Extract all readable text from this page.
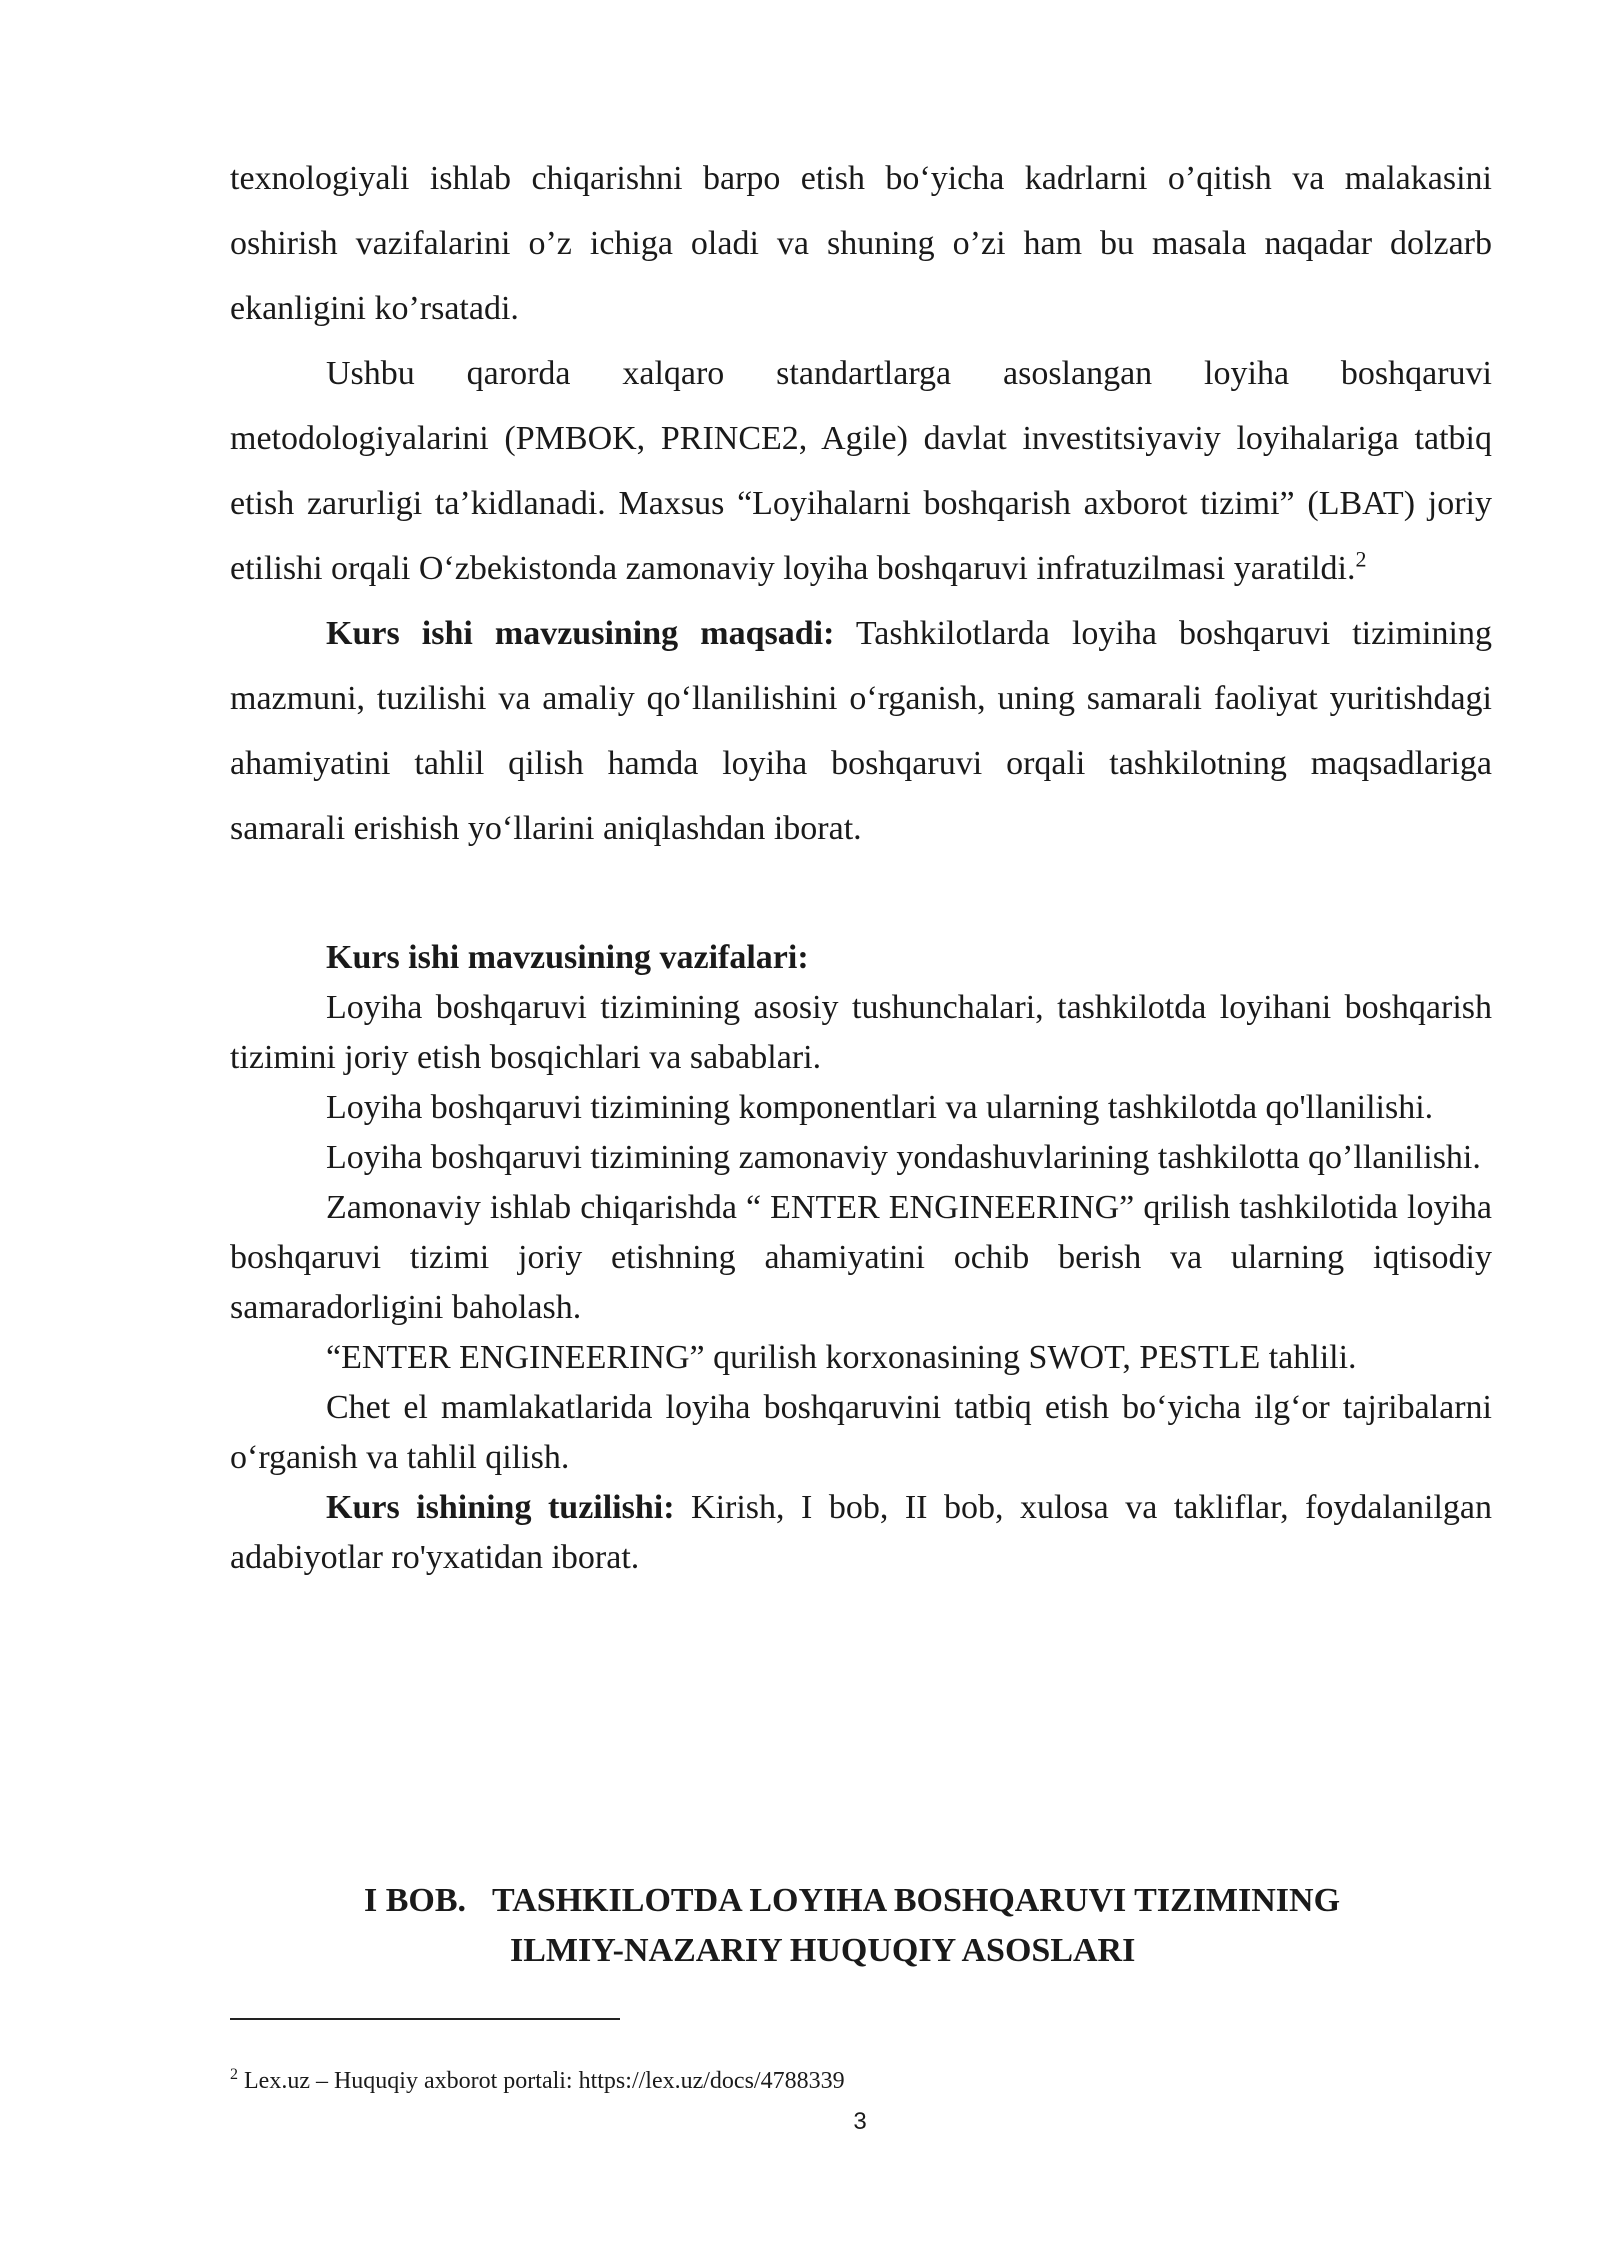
texnologiyali ishlab chiqarishni barpo etish bo‘yicha kadrlarni o’qitish va malakasini oshirish vazifalarini o’z ichiga oladi va shuning o’zi ham bu masala naqadar dolzarb ekanligini ko’rsatadi.

Ushbu qarorda xalqaro standartlarga asoslangan loyiha boshqaruvi metodologiyalarini (PMBOK, PRINCE2, Agile) davlat investitsiyaviy loyihalariga tatbiq etish zarurligi ta’kidlanadi. Maxsus “Loyihalarni boshqarish axborot tizimi” (LBAT) joriy etilishi orqali O‘zbekistonda zamonaviy loyiha boshqaruvi infratuzilmasi yaratildi.$^2$

Kurs ishi mavzusining maqsadi: Tashkilotlarda loyiha boshqaruvi tizimining mazmuni, tuzilishi va amaliy qo‘llanilishini o‘rganish, uning samarali faoliyat yuritishdagi ahamiyatini tahlil qilish hamda loyiha boshqaruvi orqali tashkilotning maqsadlariga samarali erishish yo‘llarini aniqlashdan iborat.

Kurs ishi mavzusining vazifalari:

Loyiha boshqaruvi tizimining asosiy tushunchalari, tashkilotda loyihani boshqarish tizimini joriy etish bosqichlari va sabablari.

Loyiha boshqaruvi tizimining komponentlari va ularning tashkilotda qo'llanilishi.

Loyiha boshqaruvi tizimining zamonaviy yondashuvlarining tashkilotta qo’llanilishi.

Zamonaviy ishlab chiqarishda “ ENTER ENGINEERING” qrilish tashkilotida loyiha boshqaruvi tizimi joriy etishning ahamiyatini ochib berish va ularning iqtisodiy samaradorligini baholash.

“ENTER ENGINEERING” qurilish korxonasining SWOT, PESTLE tahlili.

Chet el mamlakatlarida loyiha boshqaruvini tatbiq etish bo‘yicha ilg‘or tajribalarni o‘rganish va tahlil qilish.

Kurs ishining tuzilishi: Kirish, I bob, II bob, xulosa va takliflar, foydalanilgan adabiyotlar ro'yxatidan iborat.

I BOB. TASHKILOTDA LOYIHA BOSHQARUVI TIZIMINING
ILMIY-NAZARIY HUQUQIY ASOSLARI
$^2$ Lex.uz – Huquqiy axborot portali: https://lex.uz/docs/4788339
3
